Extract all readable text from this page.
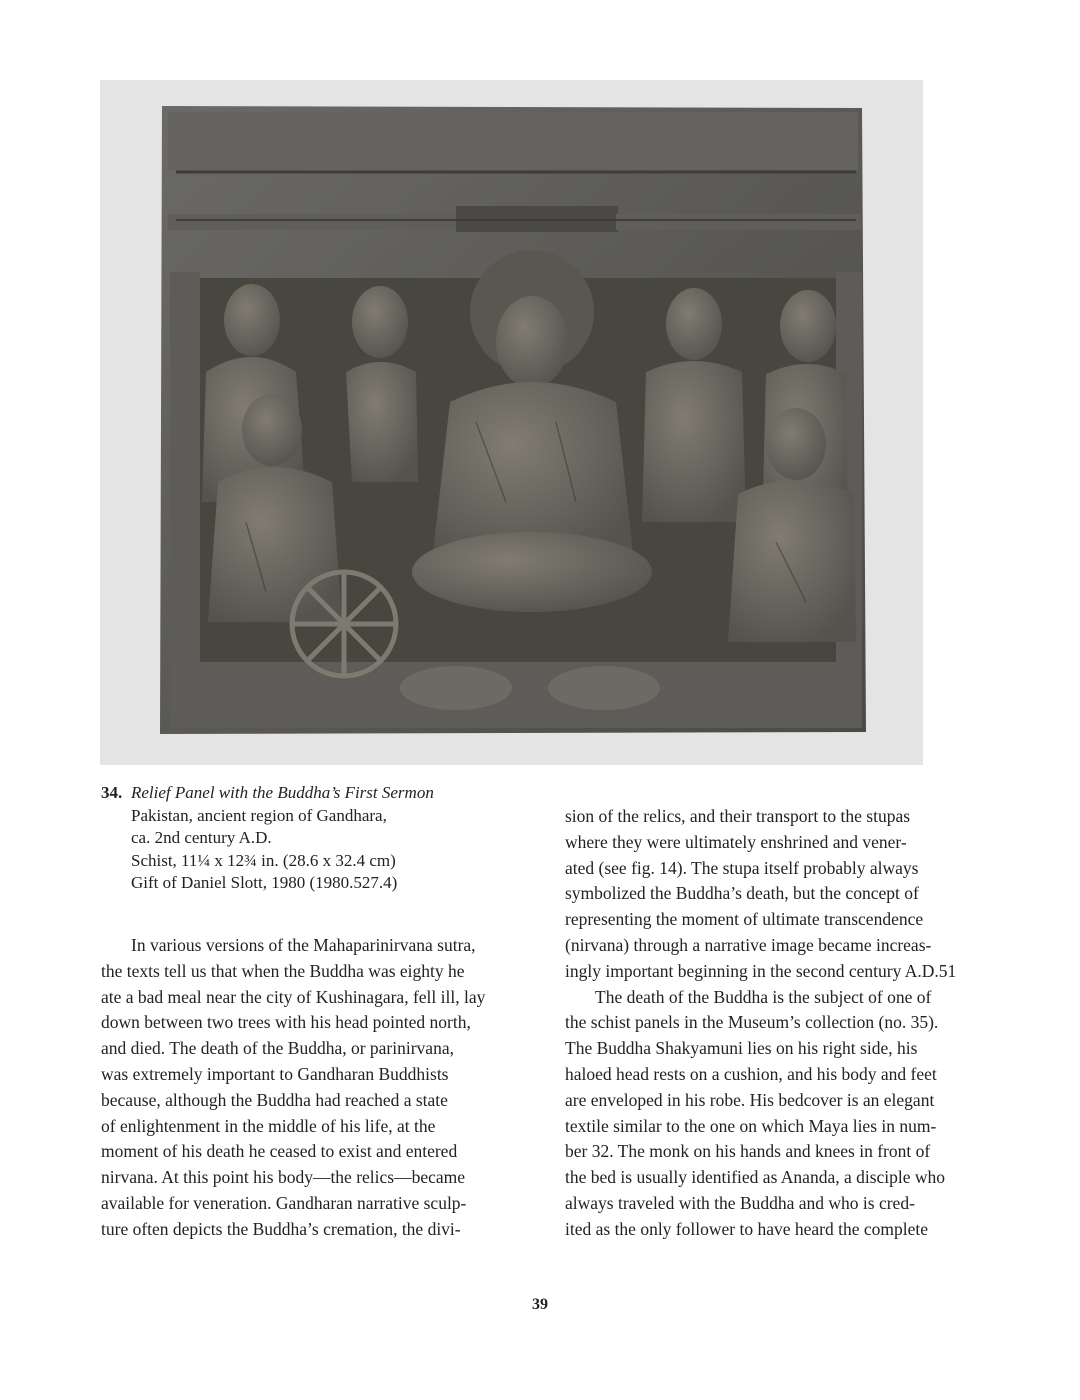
34. Relief Panel with the Buddha’s First Sermon
Pakistan, ancient region of Gandhara,
ca. 2nd century A.D.
Schist, 11¼ x 12¾ in. (28.6 x 32.4 cm)
Gift of Daniel Slott, 1980 (1980.527.4)
In various versions of the Mahaparinirvana sutra,
the texts tell us that when the Buddha was eighty he
ate a bad meal near the city of Kushinagara, fell ill, lay
down between two trees with his head pointed north,
and died. The death of the Buddha, or parinirvana,
was extremely important to Gandharan Buddhists
because, although the Buddha had reached a state
of enlightenment in the middle of his life, at the
moment of his death he ceased to exist and entered
nirvana. At this point his body—the relics—became
available for veneration. Gandharan narrative sculp-
ture often depicts the Buddha’s cremation, the divi-
sion of the relics, and their transport to the stupas
where they were ultimately enshrined and vener-
ated (see fig. 14). The stupa itself probably always
symbolized the Buddha’s death, but the concept of
representing the moment of ultimate transcendence
(nirvana) through a narrative image became increas-
ingly important beginning in the second century A.D.51
The death of the Buddha is the subject of one of
the schist panels in the Museum’s collection (no. 35).
The Buddha Shakyamuni lies on his right side, his
haloed head rests on a cushion, and his body and feet
are enveloped in his robe. His bedcover is an elegant
textile similar to the one on which Maya lies in num-
ber 32. The monk on his hands and knees in front of
the bed is usually identified as Ananda, a disciple who
always traveled with the Buddha and who is cred-
ited as the only follower to have heard the complete
39
